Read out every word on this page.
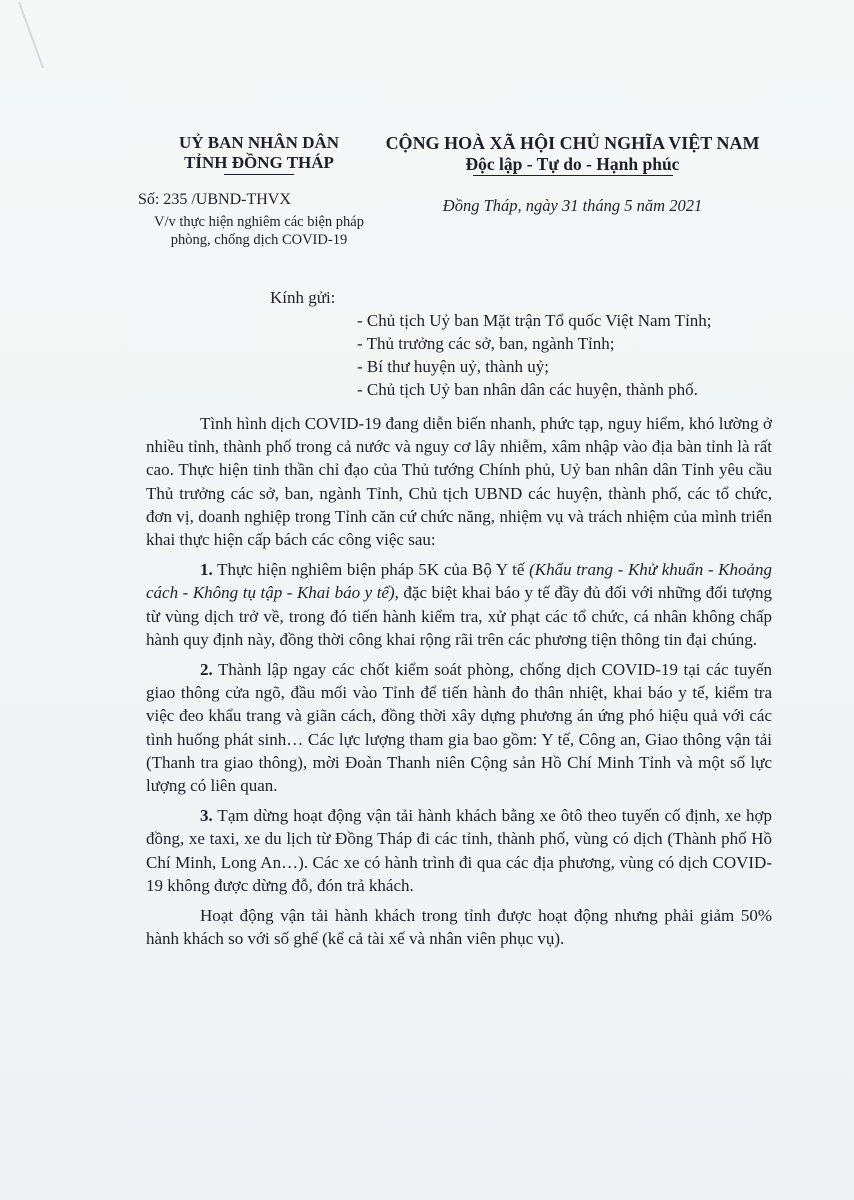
UỶ BAN NHÂN DÂN
TỈNH ĐỒNG THÁP
Số: 235 /UBND-THVX
V/v thực hiện nghiêm các biện pháp
phòng, chống dịch COVID-19
CỘNG HOÀ XÃ HỘI CHỦ NGHĨA VIỆT NAM
Độc lập - Tự do - Hạnh phúc
Đồng Tháp, ngày 31 tháng 5 năm 2021
Kính gửi:
- Chủ tịch Uỷ ban Mặt trận Tổ quốc Việt Nam Tỉnh;
- Thủ trưởng các sở, ban, ngành Tỉnh;
- Bí thư huyện uỷ, thành uỷ;
- Chủ tịch Uỷ ban nhân dân các huyện, thành phố.

Tình hình dịch COVID-19 đang diễn biến nhanh, phức tạp, nguy hiểm, khó lường ở nhiều tỉnh, thành phố trong cả nước và nguy cơ lây nhiễm, xâm nhập vào địa bàn tỉnh là rất cao. Thực hiện tinh thần chỉ đạo của Thủ tướng Chính phủ, Uỷ ban nhân dân Tỉnh yêu cầu Thủ trưởng các sở, ban, ngành Tỉnh, Chủ tịch UBND các huyện, thành phố, các tổ chức, đơn vị, doanh nghiệp trong Tỉnh căn cứ chức năng, nhiệm vụ và trách nhiệm của mình triển khai thực hiện cấp bách các công việc sau:

1. Thực hiện nghiêm biện pháp 5K của Bộ Y tế (Khẩu trang - Khử khuẩn - Khoảng cách - Không tụ tập - Khai báo y tế), đặc biệt khai báo y tế đầy đủ đối với những đối tượng từ vùng dịch trở về, trong đó tiến hành kiểm tra, xử phạt các tổ chức, cá nhân không chấp hành quy định này, đồng thời công khai rộng rãi trên các phương tiện thông tin đại chúng.

2. Thành lập ngay các chốt kiểm soát phòng, chống dịch COVID-19 tại các tuyến giao thông cửa ngõ, đầu mối vào Tỉnh để tiến hành đo thân nhiệt, khai báo y tế, kiểm tra việc đeo khẩu trang và giãn cách, đồng thời xây dựng phương án ứng phó hiệu quả với các tình huống phát sinh… Các lực lượng tham gia bao gồm: Y tế, Công an, Giao thông vận tải (Thanh tra giao thông), mời Đoàn Thanh niên Cộng sản Hồ Chí Minh Tỉnh và một số lực lượng có liên quan.

3. Tạm dừng hoạt động vận tải hành khách bằng xe ôtô theo tuyến cố định, xe hợp đồng, xe taxi, xe du lịch từ Đồng Tháp đi các tỉnh, thành phố, vùng có dịch (Thành phố Hồ Chí Minh, Long An…). Các xe có hành trình đi qua các địa phương, vùng có dịch COVID-19 không được dừng đỗ, đón trả khách.

Hoạt động vận tải hành khách trong tỉnh được hoạt động nhưng phải giảm 50% hành khách so với số ghế (kể cả tài xế và nhân viên phục vụ).
